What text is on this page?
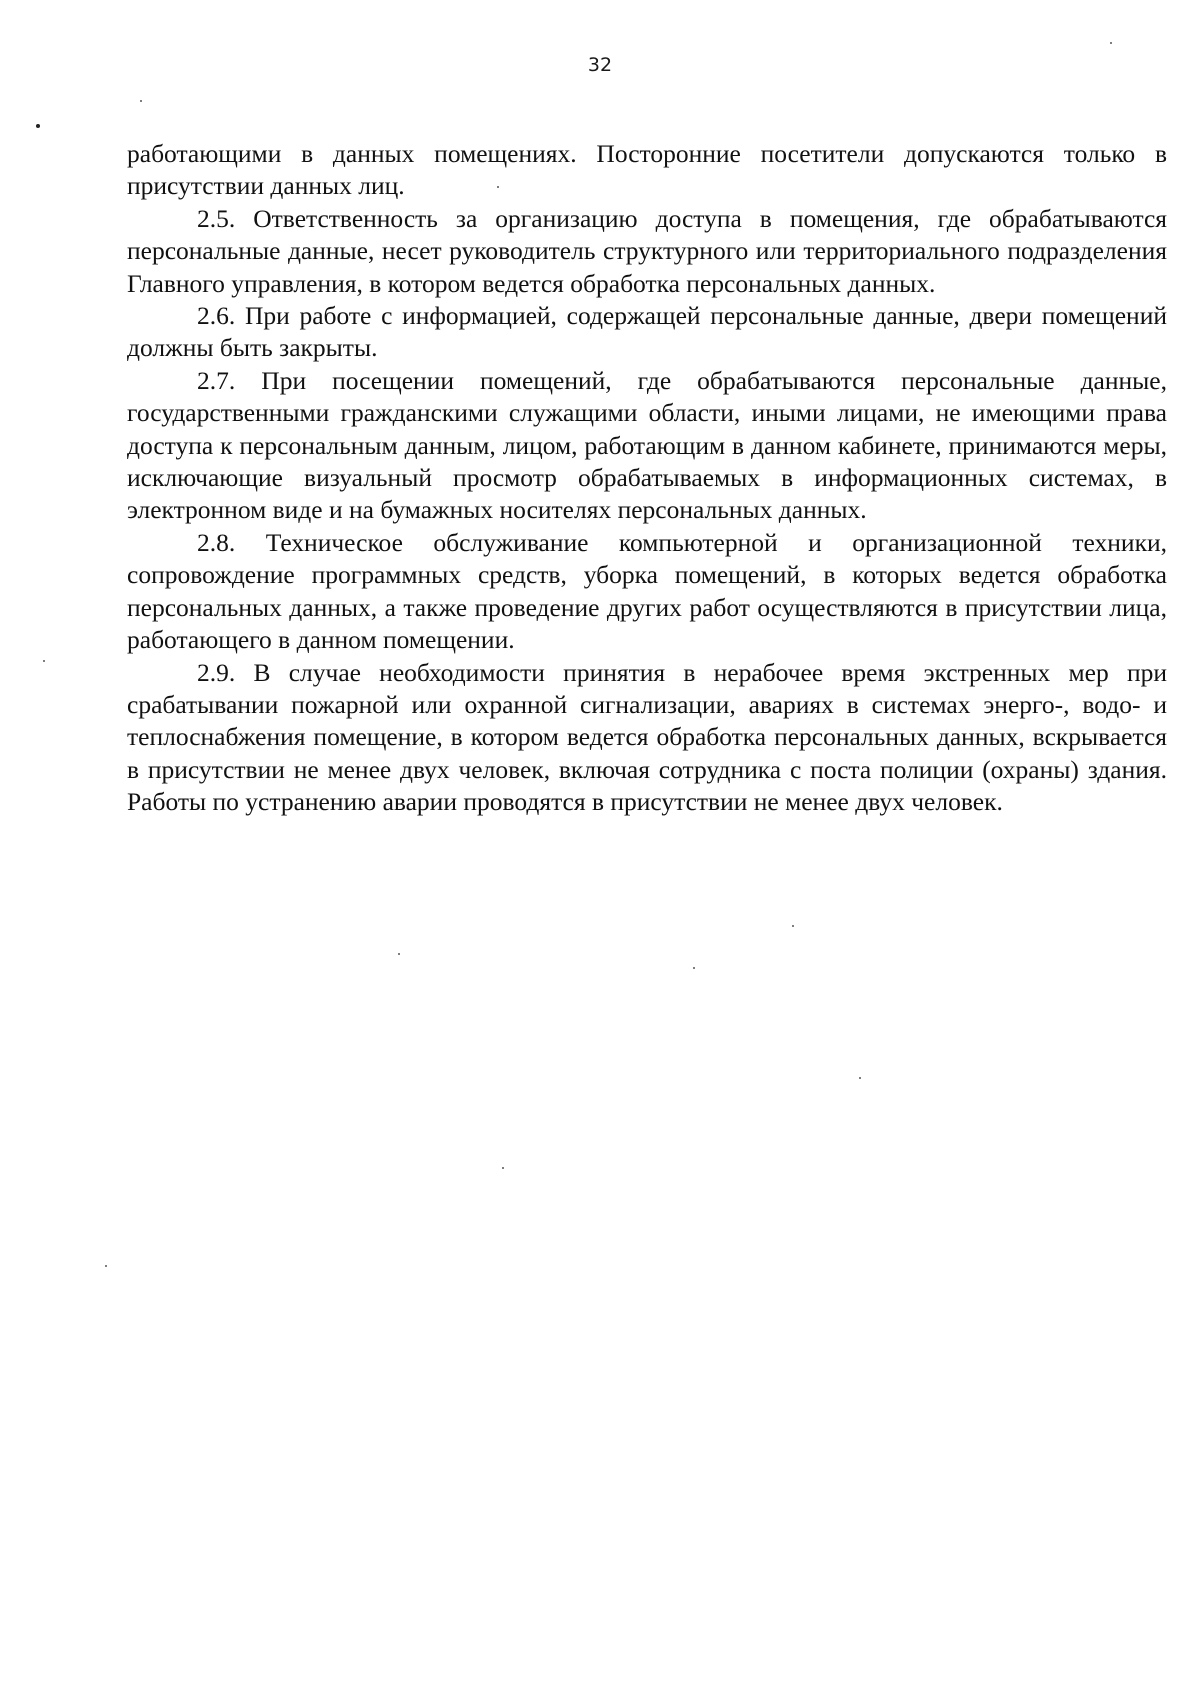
32

работающими в данных помещениях. Посторонние посетители допускаются только в присутствии данных лиц.

2.5. Ответственность за организацию доступа в помещения, где обрабатываются персональные данные, несет руководитель структурного или территориального подразделения Главного управления, в котором ведется обработка персональных данных.

2.6. При работе с информацией, содержащей персональные данные, двери помещений должны быть закрыты.

2.7. При посещении помещений, где обрабатываются персональные данные, государственными гражданскими служащими области, иными лицами, не имеющими права доступа к персональным данным, лицом, работающим в данном кабинете, принимаются меры, исключающие визуальный просмотр обрабатываемых в информационных системах, в электронном виде и на бумажных носителях персональных данных.

2.8. Техническое обслуживание компьютерной и организационной техники, сопровождение программных средств, уборка помещений, в которых ведется обработка персональных данных, а также проведение других работ осуществляются в присутствии лица, работающего в данном помещении.

2.9. В случае необходимости принятия в нерабочее время экстренных мер при срабатывании пожарной или охранной сигнализации, авариях в системах энерго-, водо- и теплоснабжения помещение, в котором ведется обработка персональных данных, вскрывается в присутствии не менее двух человек, включая сотрудника с поста полиции (охраны) здания. Работы по устранению аварии проводятся в присутствии не менее двух человек.
